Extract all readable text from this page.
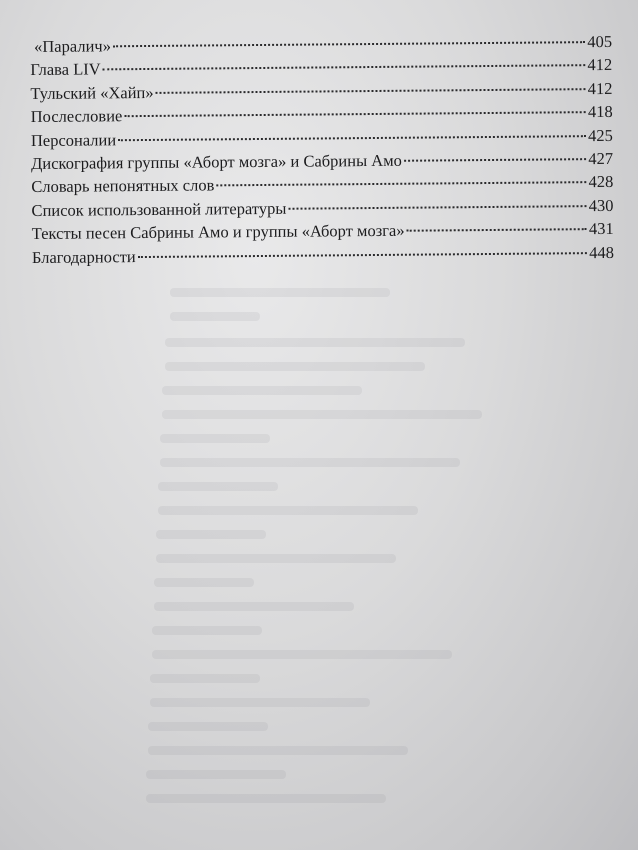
«Паралич»	405
Глава LIV	412
Тульский «Хайп»	412
Послесловие	418
Персоналии	425
Дискография группы «Аборт мозга» и Сабрины Амо	427
Словарь непонятных слов	428
Список использованной литературы	430
Тексты песен Сабрины Амо и группы «Аборт мозга»	431
Благодарности	448
